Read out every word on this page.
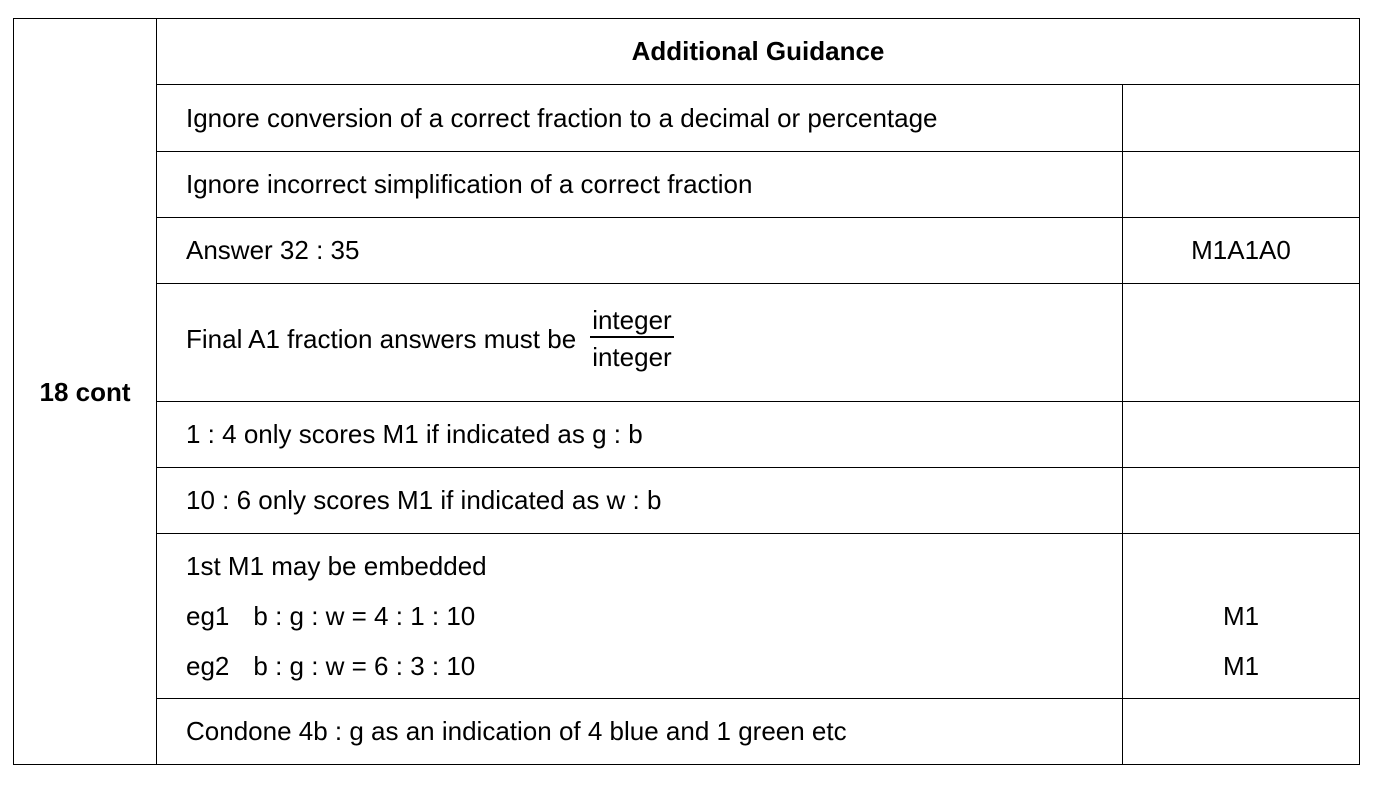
18 cont
Additional Guidance
Ignore conversion of a correct fraction to a decimal or percentage
Ignore incorrect simplification of a correct fraction
Answer 32 : 35	M1A1A0
Final A1 fraction answers must be $\frac{\text{integer}}{\text{integer}}$
1 : 4 only scores M1 if indicated as g : b
10 : 6 only scores M1 if indicated as w : b
1st M1 may be embedded
eg1 b : g : w = 4 : 1 : 10
eg2 b : g : w = 6 : 3 : 10
M1
M1
Condone 4b : g as an indication of 4 blue and 1 green etc
